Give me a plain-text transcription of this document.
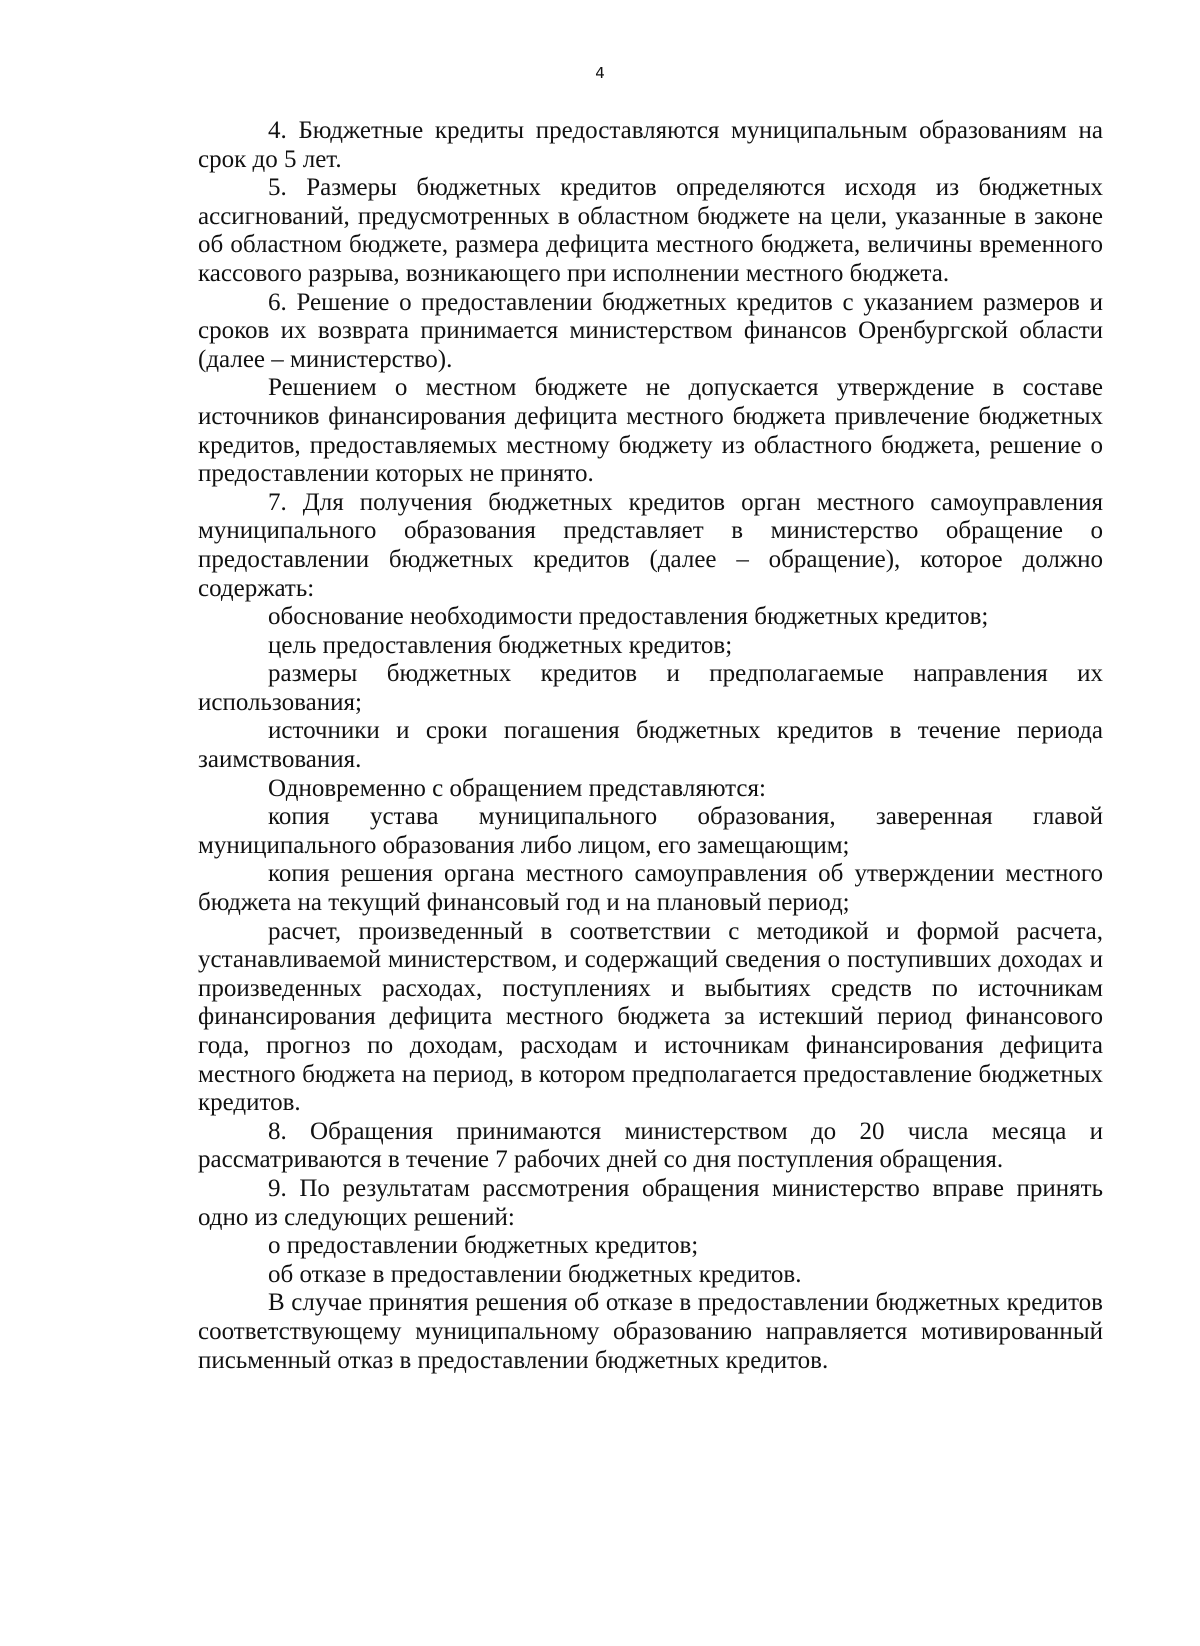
4

4. Бюджетные кредиты предоставляются муниципальным образованиям на срок до 5 лет.

5. Размеры бюджетных кредитов определяются исходя из бюджетных ассигнований, предусмотренных в областном бюджете на цели, указанные в законе об областном бюджете, размера дефицита местного бюджета, величины временного кассового разрыва, возникающего при исполнении местного бюджета.

6. Решение о предоставлении бюджетных кредитов с указанием размеров и сроков их возврата принимается министерством финансов Оренбургской области (далее – министерство).

Решением о местном бюджете не допускается утверждение в составе источников финансирования дефицита местного бюджета привлечение бюджетных кредитов, предоставляемых местному бюджету из областного бюджета, решение о предоставлении которых не принято.

7. Для получения бюджетных кредитов орган местного самоуправления муниципального образования представляет в министерство обращение о предоставлении бюджетных кредитов (далее – обращение), которое должно содержать:

обоснование необходимости предоставления бюджетных кредитов;

цель предоставления бюджетных кредитов;

размеры бюджетных кредитов и предполагаемые направления их использования;

источники и сроки погашения бюджетных кредитов в течение периода заимствования.

Одновременно с обращением представляются:

копия устава муниципального образования, заверенная главой муниципального образования либо лицом, его замещающим;

копия решения органа местного самоуправления об утверждении местного бюджета на текущий финансовый год и на плановый период;

расчет, произведенный в соответствии с методикой и формой расчета, устанавливаемой министерством, и содержащий сведения о поступивших доходах и произведенных расходах, поступлениях и выбытиях средств по источникам финансирования дефицита местного бюджета за истекший период финансового года, прогноз по доходам, расходам и источникам финансирования дефицита местного бюджета на период, в котором предполагается предоставление бюджетных кредитов.

8. Обращения принимаются министерством до 20 числа месяца и рассматриваются в течение 7 рабочих дней со дня поступления обращения.

9. По результатам рассмотрения обращения министерство вправе принять одно из следующих решений:

о предоставлении бюджетных кредитов;

об отказе в предоставлении бюджетных кредитов.

В случае принятия решения об отказе в предоставлении бюджетных кредитов соответствующему муниципальному образованию направляется мотивированный письменный отказ в предоставлении бюджетных кредитов.
